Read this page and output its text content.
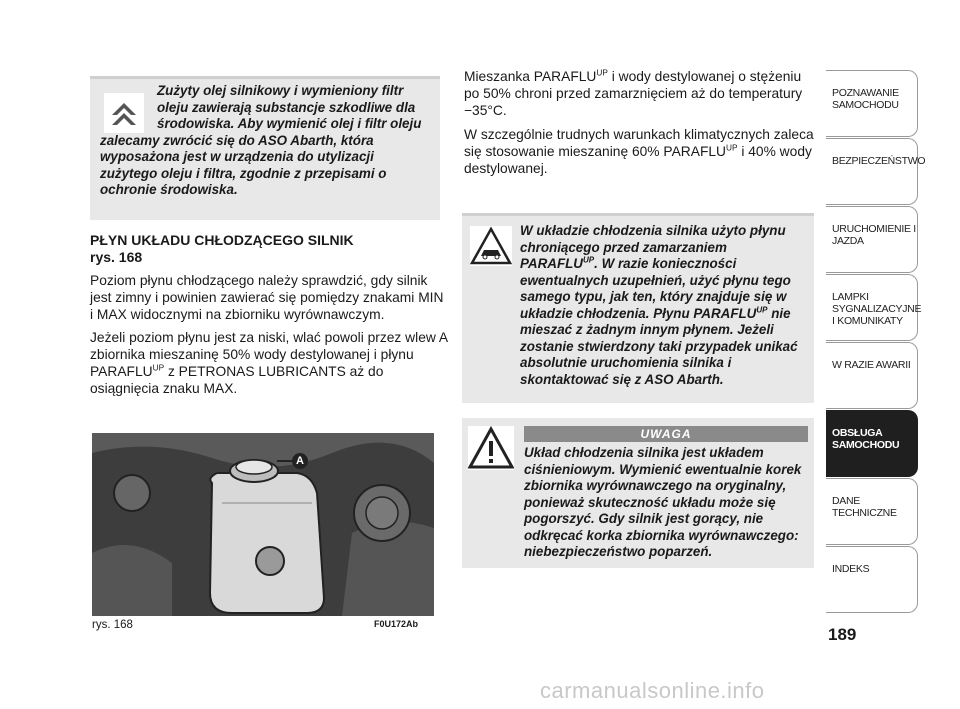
Zużyty olej silnikowy i wymieniony filtr oleju zawierają substancje szkodliwe dla środowiska. Aby wymienić olej i filtr oleju
zalecamy zwrócić się do ASO Abarth, która wyposażona jest w urządzenia do utylizacji zużytego oleju i filtra, zgodnie z przepisami o ochronie środowiska.
PŁYN UKŁADU CHŁODZĄCEGO SILNIK
rys. 168

Poziom płynu chłodzącego należy sprawdzić, gdy silnik jest zimny i powinien zawierać się pomiędzy znakami MIN i MAX widocznymi na zbiorniku wyrównawczym.

Jeżeli poziom płynu jest za niski, wlać powoli przez wlew A zbiornika mieszaninę 50% wody destylowanej i płynu $PARAFLU^{UP}$ z PETRONAS LUBRICANTS aż do osiągnięcia znaku MAX.

A
rys. 168	F0U172Ab

Mieszanka $PARAFLU^{UP}$ i wody destylowanej o stężeniu po 50% chroni przed zamarznięciem aż do temperatury −35°C.

W szczególnie trudnych warunkach klimatycznych zaleca się stosowanie mieszaninę 60% $PARAFLU^{UP}$ i 40% wody destylowanej.

W układzie chłodzenia silnika użyto płynu chroniącego przed zamarzaniem $PARAFLU^{UP}$. W razie konieczności ewentualnych uzupełnień, użyć płynu tego samego typu, jak ten, który znajduje się w układzie chłodzenia. Płynu $PARAFLU^{UP}$ nie mieszać z żadnym innym płynem. Jeżeli zostanie stwierdzony taki przypadek unikać absolutnie uruchomienia silnika i skontaktować się z ASO Abarth.
UWAGA
Układ chłodzenia silnika jest układem ciśnieniowym. Wymienić ewentualnie korek zbiornika wyrównawczego na oryginalny, ponieważ skuteczność układu może się pogorszyć. Gdy silnik jest gorący, nie odkręcać korka zbiornika wyrównawczego: niebezpieczeństwo poparzeń.
POZNAWANIE SAMOCHODU
BEZPIECZEŃSTWO
URUCHOMIENIE I JAZDA
LAMPKI SYGNALIZACYJNE I KOMUNIKATY
W RAZIE AWARII
OBSŁUGA SAMOCHODU
DANE TECHNICZNE
INDEKS
189
carmanualsonline.info
